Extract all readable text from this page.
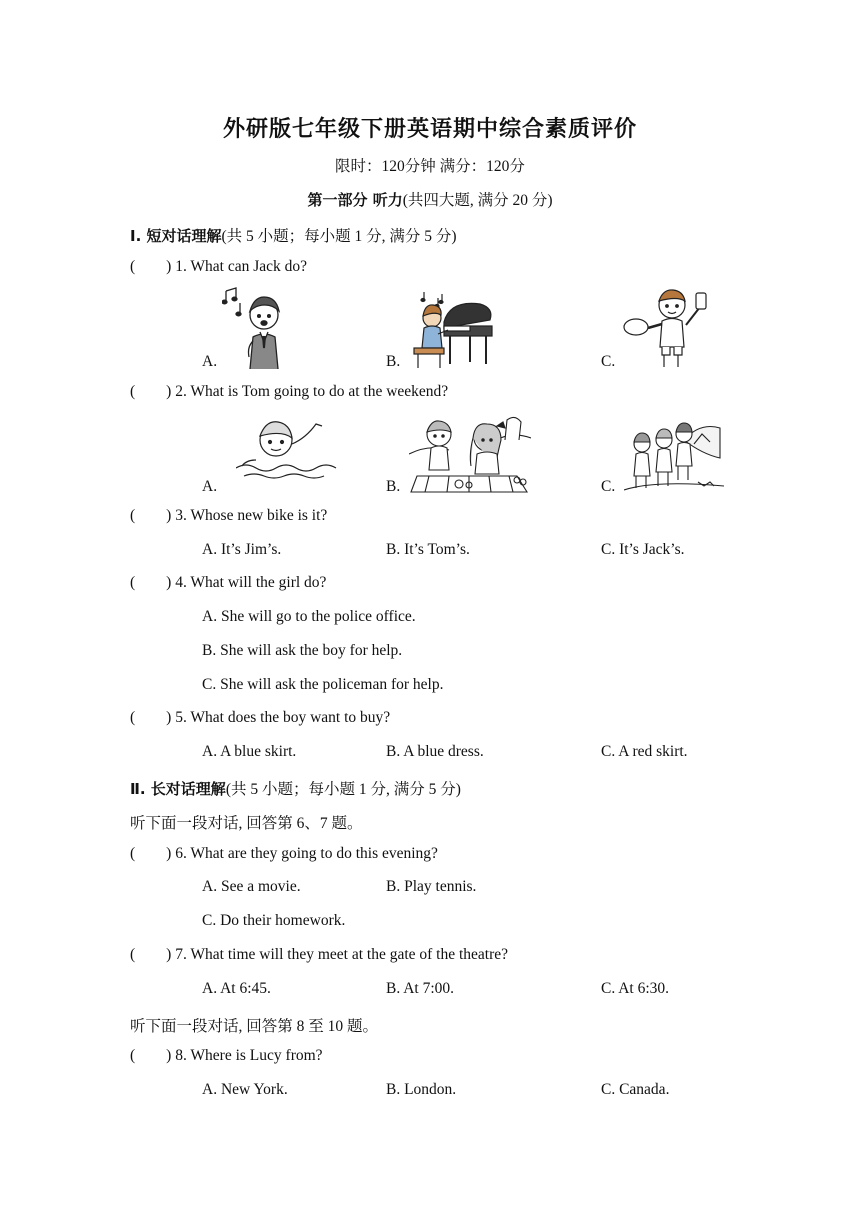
外研版七年级下册英语期中综合素质评价
限时：120分钟 满分：120分
第一部分 听力(共四大题, 满分 20 分)
I. 短对话理解(共 5 小题；每小题 1 分, 满分 5 分)
(        ) 1. What can Jack do?
A.	B.	C.
(        ) 2. What is Tom going to do at the weekend?
A.	B.	C.
(        ) 3. Whose new bike is it?
A. It’s Jim’s.	B. It’s Tom’s.	C. It’s Jack’s.
(        ) 4. What will the girl do?
A. She will go to the police office.
B. She will ask the boy for help.
C. She will ask the policeman for help.
(        ) 5. What does the boy want to buy?
A. A blue skirt.	B. A blue dress.	C. A red skirt.
Ⅱ. 长对话理解(共 5 小题；每小题 1 分, 满分 5 分)
听下面一段对话, 回答第 6、7 题。
(        ) 6. What are they going to do this evening?
A. See a movie.	B. Play tennis.
C. Do their homework.
(        ) 7. What time will they meet at the gate of the theatre?
A. At 6:45.	B. At 7:00.	C. At 6:30.
听下面一段对话, 回答第 8 至 10 题。
(        ) 8. Where is Lucy from?
A. New York.	B. London.	C. Canada.
